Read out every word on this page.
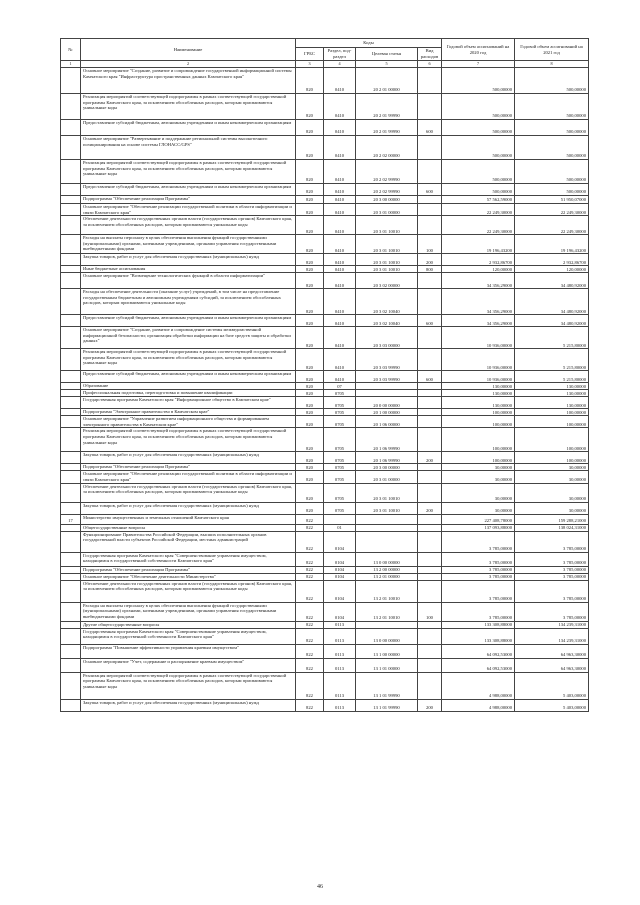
№	Наименование	Коды				Годовой объем ассигнований на 2020 год	Годовой объем ассигнований на 2021 год
		ГРБС	Раздел, под-раздел	Целевая статья	Вид расходов		
1	2	3	4	5	6	7	8
	Основное мероприятие "Создание, развитие и сопровождение государственной информационной системы Камчатского края "Инфраструктура пространственных данных Камчатского края"	820	0410	20 2 01 00000		500,00000	500,00000
	Реализация мероприятий соответствующей подпрограммы в рамках соответствующей государственной программы Камчатского края, за исключением обособленных расходов, которым присваиваются уникальные коды	820	0410	20 2 01 99990		500,00000	500,00000
	Предоставление субсидий бюджетным, автономным учреждениям и иным некоммерческим организациям	820	0410	20 2 01 99990	600	500,00000	500,00000
	Основное мероприятие "Развертывание и поддержание региональной системы высокоточного позиционирования на основе системы ГЛОНАСС/GPS"	820	0410	20 2 02 00000		500,00000	500,00000
	Реализация мероприятий соответствующей подпрограммы в рамках соответствующей государственной программы Камчатского края, за исключением обособленных расходов, которым присваиваются уникальные коды	820	0410	20 2 02 99990		500,00000	500,00000
	Предоставление субсидий бюджетным, автономным учреждениям и иным некоммерческим организациям	820	0410	20 2 02 99990	600	500,00000	500,00000
	Подпрограмма "Обеспечение реализации Программы"	820	0410	20 3 00 00000		57 562,59000	51 950,07000
	Основное мероприятие "Обеспечение реализации государственной политики в области информатизации и связи Камчатского края"	820	0410	20 3 01 00000		22 249,30000	22 249,30000
	Обеспечение деятельности государственных органов власти (государственных органов) Камчатского края, за исключением обособленных расходов, которым присваиваются уникальные коды	820	0410	20 3 01 10010		22 249,30000	22 249,30000
	Расходы на выплаты персоналу в целях обеспечения выполнения функций государственными (муниципальными) органами, казенными учреждениями, органами управления государственными внебюджетными фондами	820	0410	20 3 01 10010	100	19 196,43200	19 196,43200
	Закупка товаров, работ и услуг для обеспечения государственных (муниципальных) нужд	820	0410	20 3 01 10010	200	2 932,86700	2 932,86700
	Иные бюджетные ассигнования	820	0410	20 3 01 10010	800	120,00000	120,00000
	Основное мероприятие "Возмещение технологических функций в области информатизации"	820	0410	20 3 02 00000		34 356,29000	34 480,92000
	Расходы на обеспечение деятельности (оказание услуг) учреждений, в том числе на предоставление государственным бюджетным и автономным учреждениям субсидий, за исключением обособленных расходов, которым присваиваются уникальные коды	820	0410	20 3 02 10040		34 356,29000	34 480,92000
	Предоставление субсидий бюджетным, автономным учреждениям и иным некоммерческим организациям	820	0410	20 3 02 10040	600	34 356,29000	34 480,92000
	Основное мероприятие "Создание, развитие и сопровождение системы межведомственной информационной безопасности; организация обработки информации на базе средств защиты и обработки данных"	820	0410	20 3 03 00000		10 936,00000	5 215,80000
	Реализация мероприятий соответствующей подпрограммы в рамках соответствующей государственной программы Камчатского края, за исключением обособленных расходов, которым присваиваются уникальные коды	820	0410	20 3 03 99990		10 936,00000	5 215,80000
	Предоставление субсидий бюджетным, автономным учреждениям и иным некоммерческим организациям	820	0410	20 3 03 99990	600	10 936,00000	5 215,80000
	Образование	820	07			130,00000	130,00000
	Профессиональная подготовка, переподготовка и повышение квалификации	820	0705			130,00000	130,00000
	Государственная программа Камчатского края "Информационное общество в Камчатском крае"	820	0705	20 0 00 00000		130,00000	130,00000
	Подпрограмма "Электронное правительство в Камчатском крае"	820	0705	20 1 00 00000		100,00000	100,00000
	Основное мероприятие "Управление развитием информационного общества и формированием электронного правительства в Камчатском крае"	820	0705	20 1 06 00000		100,00000	100,00000
	Реализация мероприятий соответствующей подпрограммы в рамках соответствующей государственной программы Камчатского края, за исключением обособленных расходов, которым присваиваются уникальные коды	820	0705	20 1 06 99990		100,00000	100,00000
	Закупка товаров, работ и услуг для обеспечения государственных (муниципальных) нужд	820	0705	20 1 06 99990	200	100,00000	100,00000
	Подпрограмма "Обеспечение реализации Программы"	820	0705	20 3 00 00000		30,00000	30,00000
	Основное мероприятие "Обеспечение реализации государственной политики в области информатизации и связи Камчатского края"	820	0705	20 3 01 00000		30,00000	30,00000
	Обеспечение деятельности государственных органов власти (государственных органов) Камчатского края, за исключением обособленных расходов, которым присваиваются уникальные коды	820	0705	20 3 01 10010		30,00000	30,00000
	Закупка товаров, работ и услуг для обеспечения государственных (муниципальных) нужд	820	0705	20 3 01 10010	200	30,00000	30,00000
17	Министерство имущественных и земельных отношений Камчатского края	822				227 408,78000	159 288,21000
	Общегосударственные вопросы	822	01			137 093,88000	138 024,31000
	Функционирование Правительства Российской Федерации, высших исполнительных органов государственной власти субъектов Российской Федерации, местных администраций	822	0104			3 785,00000	3 785,00000
	Государственная программа Камчатского края "Совершенствование управления имуществом, находящимся в государственной собственности Камчатского края"	822	0104	13 0 00 00000		3 785,00000	3 785,00000
	Подпрограмма "Обеспечение реализации Программы"	822	0104	13 2 00 00000		3 785,00000	3 785,00000
	Основное мероприятие "Обеспечение деятельности Министерства"	822	0104	13 2 01 00000		3 785,00000	3 785,00000
	Обеспечение деятельности государственных органов власти (государственных органов) Камчатского края, за исключением обособленных расходов, которым присваиваются уникальные коды	822	0104	13 2 01 10010		3 785,00000	3 785,00000
	Расходы на выплаты персоналу в целях обеспечения выполнения функций государственными (муниципальными) органами, казенными учреждениями, органами управления государственными внебюджетными фондами	822	0104	13 2 01 10010	100	3 785,00000	3 785,00000
	Другие общегосударственные вопросы	822	0113			133 308,88000	134 239,31000
	Государственная программа Камчатского края "Совершенствование управления имуществом, находящимся в государственной собственности Камчатского края"	822	0113	13 0 00 00000		133 308,88000	134 239,31000
	Подпрограмма "Повышение эффективности управления краевым имуществом"	822	0113	13 1 00 00000		64 092,53000	64 963,30000
	Основное мероприятие "Учет, содержание и распоряжение краевым имуществом"	822	0113	13 1 01 00000		64 092,53000	64 963,30000
	Реализация мероприятий соответствующей подпрограммы в рамках соответствующей государственной программы Камчатского края, за исключением обособленных расходов, которым присваиваются уникальные коды	822	0113	13 1 01 99990		4 988,00000	5 403,00000
	Закупка товаров, работ и услуг для обеспечения государственных (муниципальных) нужд	822	0113	13 1 01 99990	200	4 988,00000	5 403,00000
46
